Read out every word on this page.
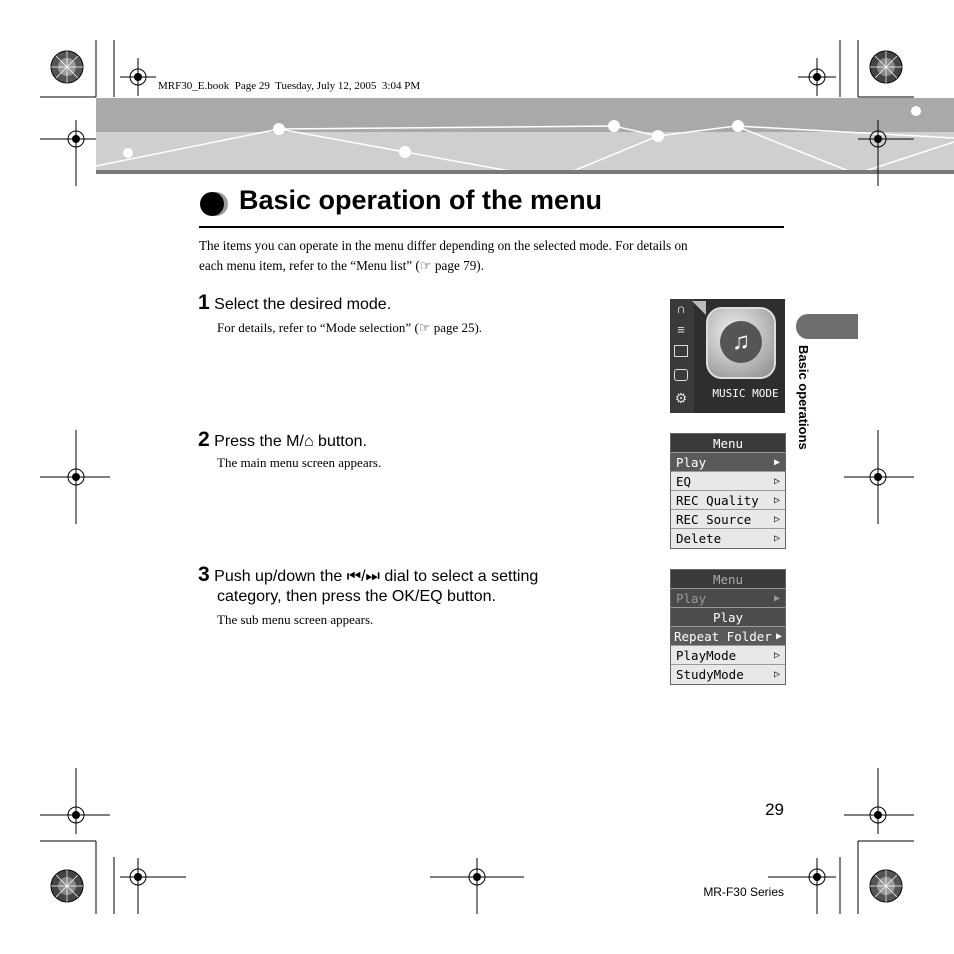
MRF30_E.book  Page 29  Tuesday, July 12, 2005  3:04 PM
Basic operation of the menu
The items you can operate in the menu differ depending on the selected mode. For details on
each menu item, refer to the “Menu list” (☞ page 79).
1 Select the desired mode.
For details, refer to “Mode selection” (☞ page 25).
2 Press the M/⌂ button.
The main menu screen appears.
3 Push up/down the ⏮/⏭ dial to select a setting
category, then press the OK/EQ button.
The sub menu screen appears.
∩
≡
⚙
♫
MUSIC MODE
Menu
Play	▶
EQ	▷
REC Quality ▷
REC Source ▷
Delete	▷
Menu
Play	▶
Play
Repeat Folder ▶
PlayMode	▷
StudyMode	▷
Basic operations
29
MR-F30 Series
